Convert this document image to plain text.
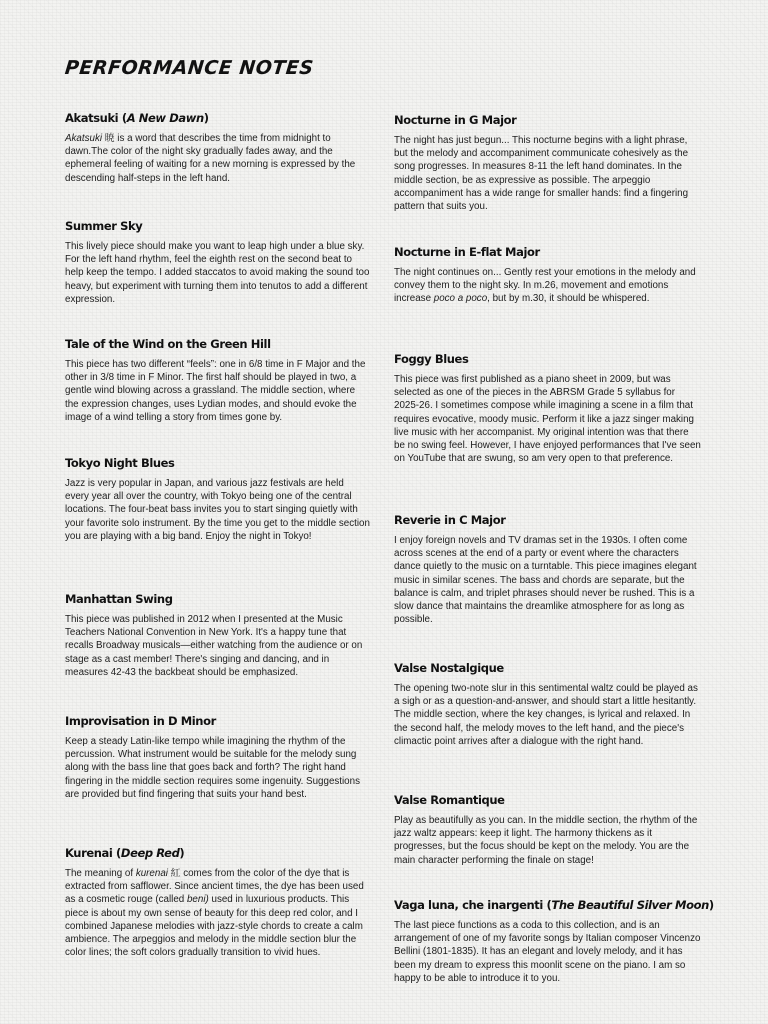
PERFORMANCE NOTES
Akatsuki (A New Dawn)

Akatsuki 暁 is a word that describes the time from midnight to dawn.The color of the night sky gradually fades away, and the ephemeral feeling of waiting for a new morning is expressed by the descending half-steps in the left hand.

Summer Sky

This lively piece should make you want to leap high under a blue sky. For the left hand rhythm, feel the eighth rest on the second beat to help keep the tempo. I added staccatos to avoid making the sound too heavy, but experiment with turning them into tenutos to add a different expression.

Tale of the Wind on the Green Hill

This piece has two different “feels”: one in 6/8 time in F Major and the other in 3/8 time in F Minor. The first half should be played in two, a gentle wind blowing across a grassland. The middle section, where the expression changes, uses Lydian modes, and should evoke the image of a wind telling a story from times gone by.

Tokyo Night Blues

Jazz is very popular in Japan, and various jazz festivals are held every year all over the country, with Tokyo being one of the central locations. The four-beat bass invites you to start singing quietly with your favorite solo instrument. By the time you get to the middle section you are playing with a big band. Enjoy the night in Tokyo!

Manhattan Swing

This piece was published in 2012 when I presented at the Music Teachers National Convention in New York. It's a happy tune that recalls Broadway musicals—either watching from the audience or on stage as a cast member! There's singing and dancing, and in measures 42-43 the backbeat should be emphasized.

Improvisation in D Minor

Keep a steady Latin-like tempo while imagining the rhythm of the percussion. What instrument would be suitable for the melody sung along with the bass line that goes back and forth? The right hand fingering in the middle section requires some ingenuity. Suggestions are provided but find fingering that suits your hand best.

Kurenai (Deep Red)

The meaning of kurenai 紅 comes from the color of the dye that is extracted from safflower. Since ancient times, the dye has been used as a cosmetic rouge (called beni) used in luxurious products. This piece is about my own sense of beauty for this deep red color, and I combined Japanese melodies with jazz-style chords to create a calm ambience. The arpeggios and melody in the middle section blur the color lines; the soft colors gradually transition to vivid hues.

Nocturne in G Major

The night has just begun... This nocturne begins with a light phrase, but the melody and accompaniment communicate cohesively as the song progresses. In measures 8-11 the left hand dominates. In the middle section, be as expressive as possible. The arpeggio accompaniment has a wide range for smaller hands: find a fingering pattern that suits you.

Nocturne in E-flat Major

The night continues on... Gently rest your emotions in the melody and convey them to the night sky. In m.26, movement and emotions increase poco a poco, but by m.30, it should be whispered.

Foggy Blues

This piece was first published as a piano sheet in 2009, but was selected as one of the pieces in the ABRSM Grade 5 syllabus for 2025-26. I sometimes compose while imagining a scene in a film that requires evocative, moody music. Perform it like a jazz singer making live music with her accompanist. My original intention was that there be no swing feel. However, I have enjoyed performances that I've seen on YouTube that are swung, so am very open to that preference.

Reverie in C Major

I enjoy foreign novels and TV dramas set in the 1930s. I often come across scenes at the end of a party or event where the characters dance quietly to the music on a turntable. This piece imagines elegant music in similar scenes. The bass and chords are separate, but the balance is calm, and triplet phrases should never be rushed. This is a slow dance that maintains the dreamlike atmosphere for as long as possible.

Valse Nostalgique

The opening two-note slur in this sentimental waltz could be played as a sigh or as a question-and-answer, and should start a little hesitantly. The middle section, where the key changes, is lyrical and relaxed. In the second half, the melody moves to the left hand, and the piece's climactic point arrives after a dialogue with the right hand.

Valse Romantique

Play as beautifully as you can. In the middle section, the rhythm of the jazz waltz appears: keep it light. The harmony thickens as it progresses, but the focus should be kept on the melody. You are the main character performing the finale on stage!

Vaga luna, che inargenti (The Beautiful Silver Moon)

The last piece functions as a coda to this collection, and is an arrangement of one of my favorite songs by Italian composer Vincenzo Bellini (1801-1835). It has an elegant and lovely melody, and it has been my dream to express this moonlit scene on the piano. I am so happy to be able to introduce it to you.
